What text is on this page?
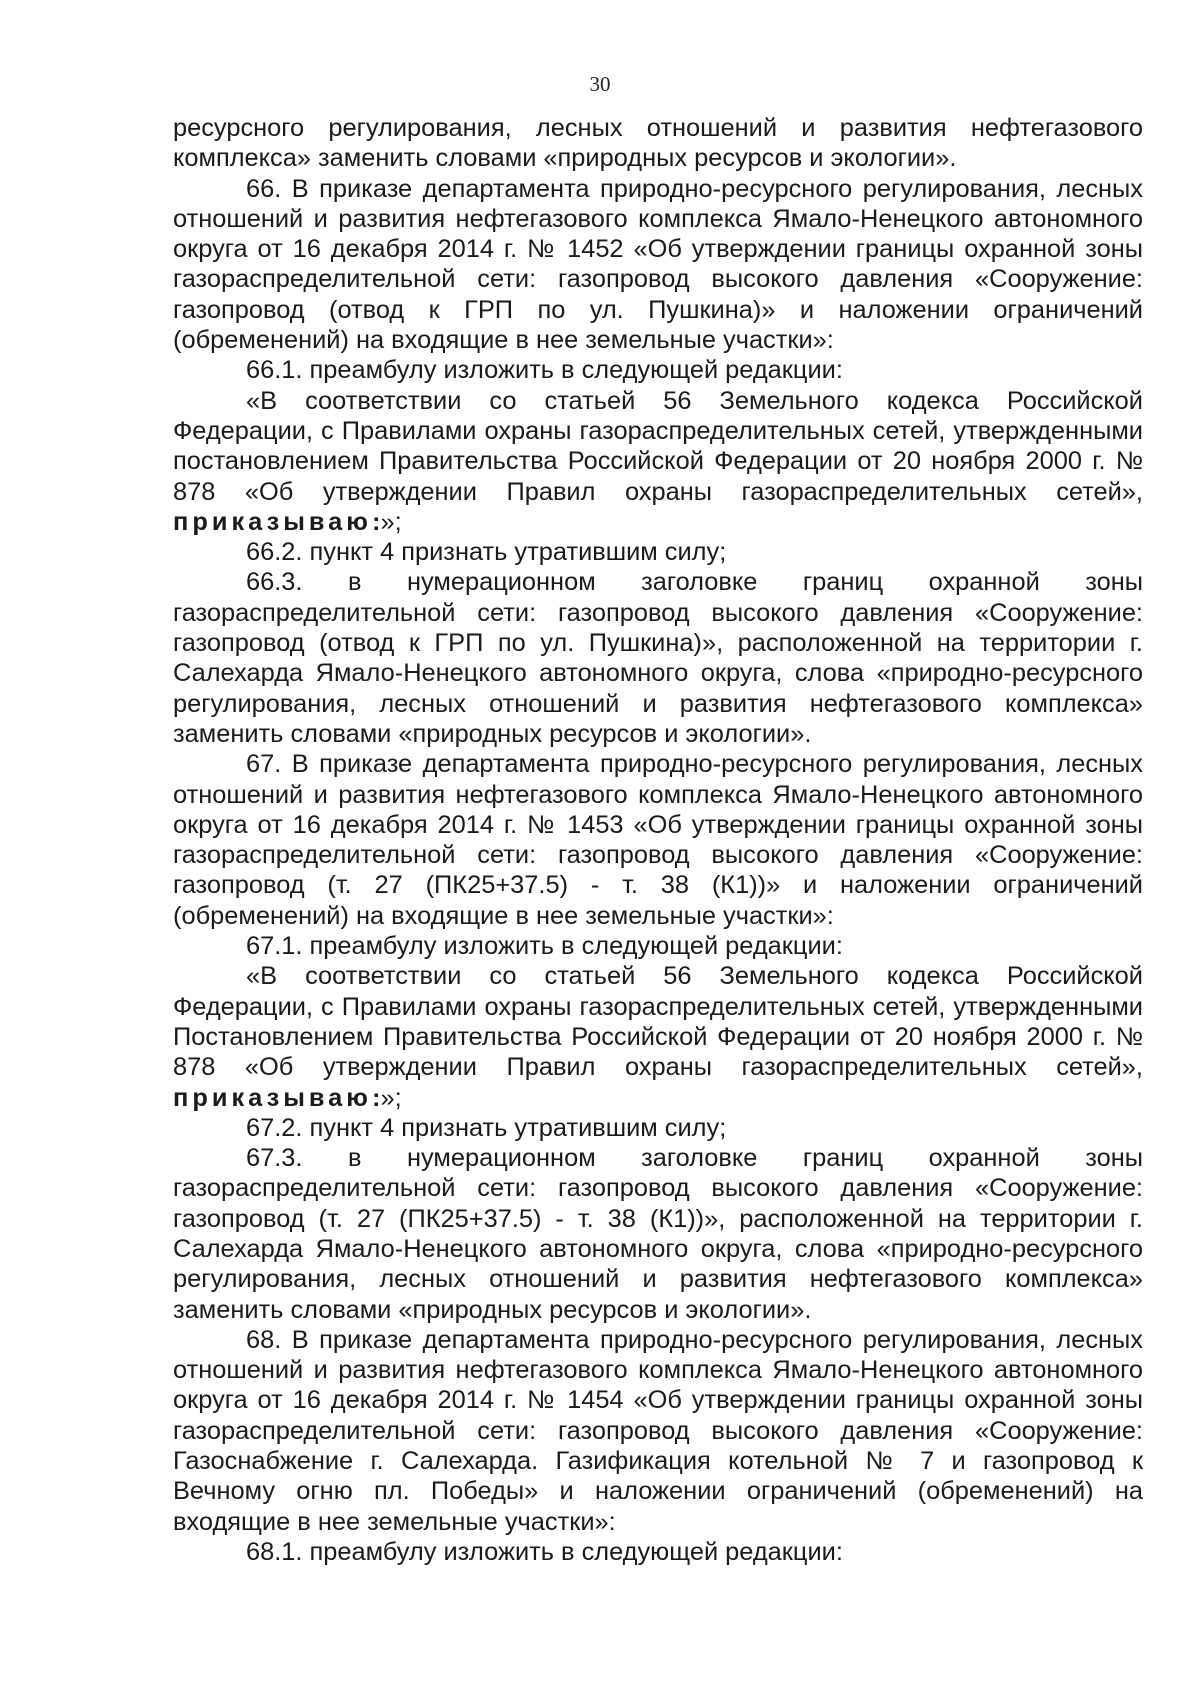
30

ресурсного регулирования, лесных отношений и развития нефтегазового комплекса» заменить словами «природных ресурсов и экологии».

66. В приказе департамента природно-ресурсного регулирования, лесных отношений и развития нефтегазового комплекса Ямало-Ненецкого автономного округа от 16 декабря 2014 г. № 1452 «Об утверждении границы охранной зоны газораспределительной сети: газопровод высокого давления «Сооружение: газопровод (отвод к ГРП по ул. Пушкина)» и наложении ограничений (обременений) на входящие в нее земельные участки»:

66.1. преамбулу изложить в следующей редакции:

«В соответствии со статьей 56 Земельного кодекса Российской Федерации, с Правилами охраны газораспределительных сетей, утвержденными постановлением Правительства Российской Федерации от 20 ноября 2000 г. № 878 «Об утверждении Правил охраны газораспределительных сетей», приказываю:»;

66.2. пункт 4 признать утратившим силу;

66.3. в нумерационном заголовке границ охранной зоны газораспределительной сети: газопровод высокого давления «Сооружение: газопровод (отвод к ГРП по ул. Пушкина)», расположенной на территории г. Салехарда Ямало-Ненецкого автономного округа, слова «природно-ресурсного регулирования, лесных отношений и развития нефтегазового комплекса» заменить словами «природных ресурсов и экологии».

67. В приказе департамента природно-ресурсного регулирования, лесных отношений и развития нефтегазового комплекса Ямало-Ненецкого автономного округа от 16 декабря 2014 г. № 1453 «Об утверждении границы охранной зоны газораспределительной сети: газопровод высокого давления «Сооружение: газопровод (т. 27 (ПК25+37.5) - т. 38 (К1))» и наложении ограничений (обременений) на входящие в нее земельные участки»:

67.1. преамбулу изложить в следующей редакции:

«В соответствии со статьей 56 Земельного кодекса Российской Федерации, с Правилами охраны газораспределительных сетей, утвержденными Постановлением Правительства Российской Федерации от 20 ноября 2000 г. № 878 «Об утверждении Правил охраны газораспределительных сетей», приказываю:»;

67.2. пункт 4 признать утратившим силу;

67.3. в нумерационном заголовке границ охранной зоны газораспределительной сети: газопровод высокого давления «Сооружение: газопровод (т. 27 (ПК25+37.5) - т. 38 (К1))», расположенной на территории г. Салехарда Ямало-Ненецкого автономного округа, слова «природно-ресурсного регулирования, лесных отношений и развития нефтегазового комплекса» заменить словами «природных ресурсов и экологии».

68. В приказе департамента природно-ресурсного регулирования, лесных отношений и развития нефтегазового комплекса Ямало-Ненецкого автономного округа от 16 декабря 2014 г. № 1454 «Об утверждении границы охранной зоны газораспределительной сети: газопровод высокого давления «Сооружение: Газоснабжение г. Салехарда. Газификация котельной № 7 и газопровод к Вечному огню пл. Победы» и наложении ограничений (обременений) на входящие в нее земельные участки»:

68.1. преамбулу изложить в следующей редакции:
